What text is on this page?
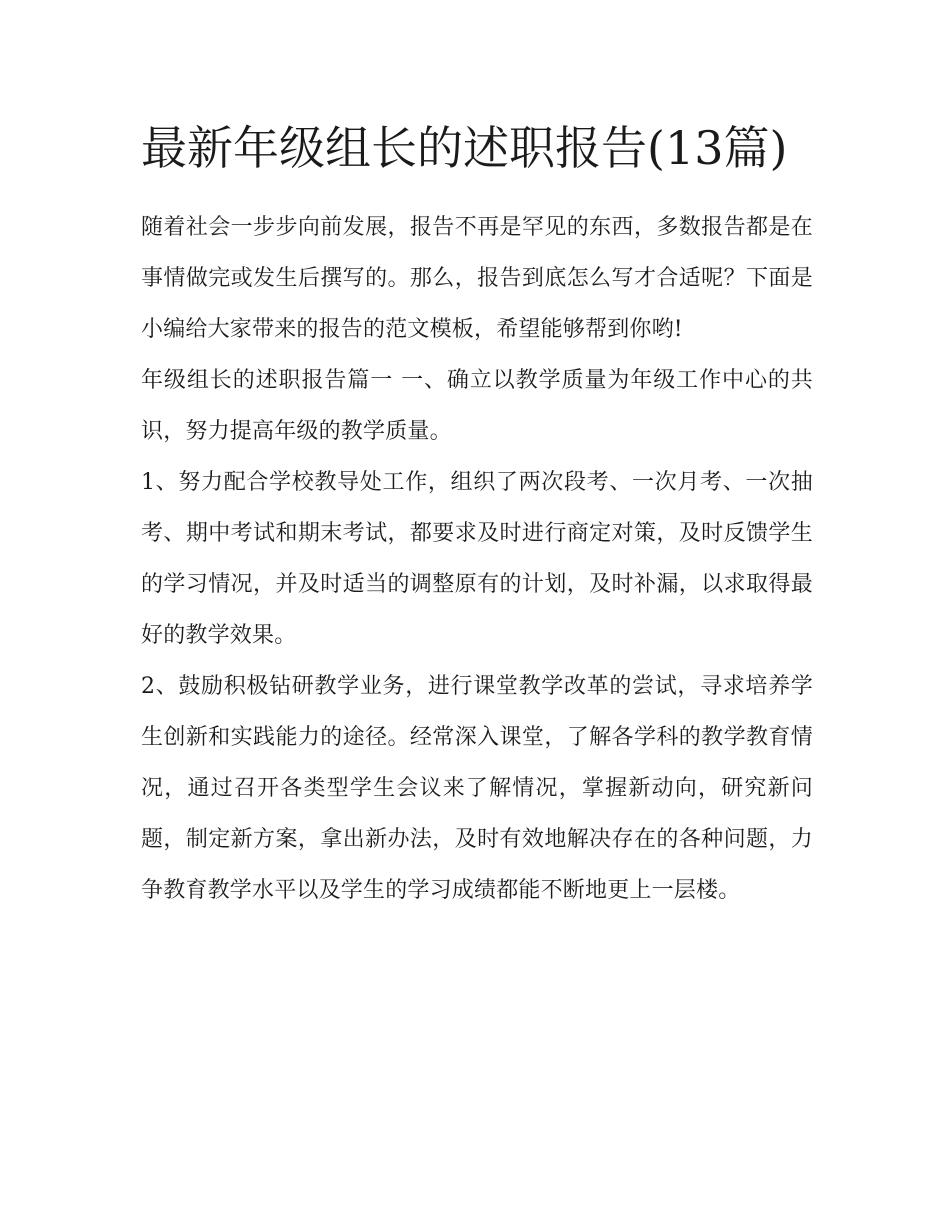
最新年级组长的述职报告(13篇)

随着社会一步步向前发展，报告不再是罕见的东西，多数报告都是在事情做完或发生后撰写的。那么，报告到底怎么写才合适呢？下面是小编给大家带来的报告的范文模板，希望能够帮到你哟!

年级组长的述职报告篇一 一、确立以教学质量为年级工作中心的共识，努力提高年级的教学质量。

1、努力配合学校教导处工作，组织了两次段考、一次月考、一次抽考、期中考试和期末考试，都要求及时进行商定对策，及时反馈学生的学习情况，并及时适当的调整原有的计划，及时补漏，以求取得最好的教学效果。

2、鼓励积极钻研教学业务，进行课堂教学改革的尝试，寻求培养学生创新和实践能力的途径。经常深入课堂，了解各学科的教学教育情况，通过召开各类型学生会议来了解情况，掌握新动向，研究新问题，制定新方案，拿出新办法，及时有效地解决存在的各种问题，力争教育教学水平以及学生的学习成绩都能不断地更上一层楼。
